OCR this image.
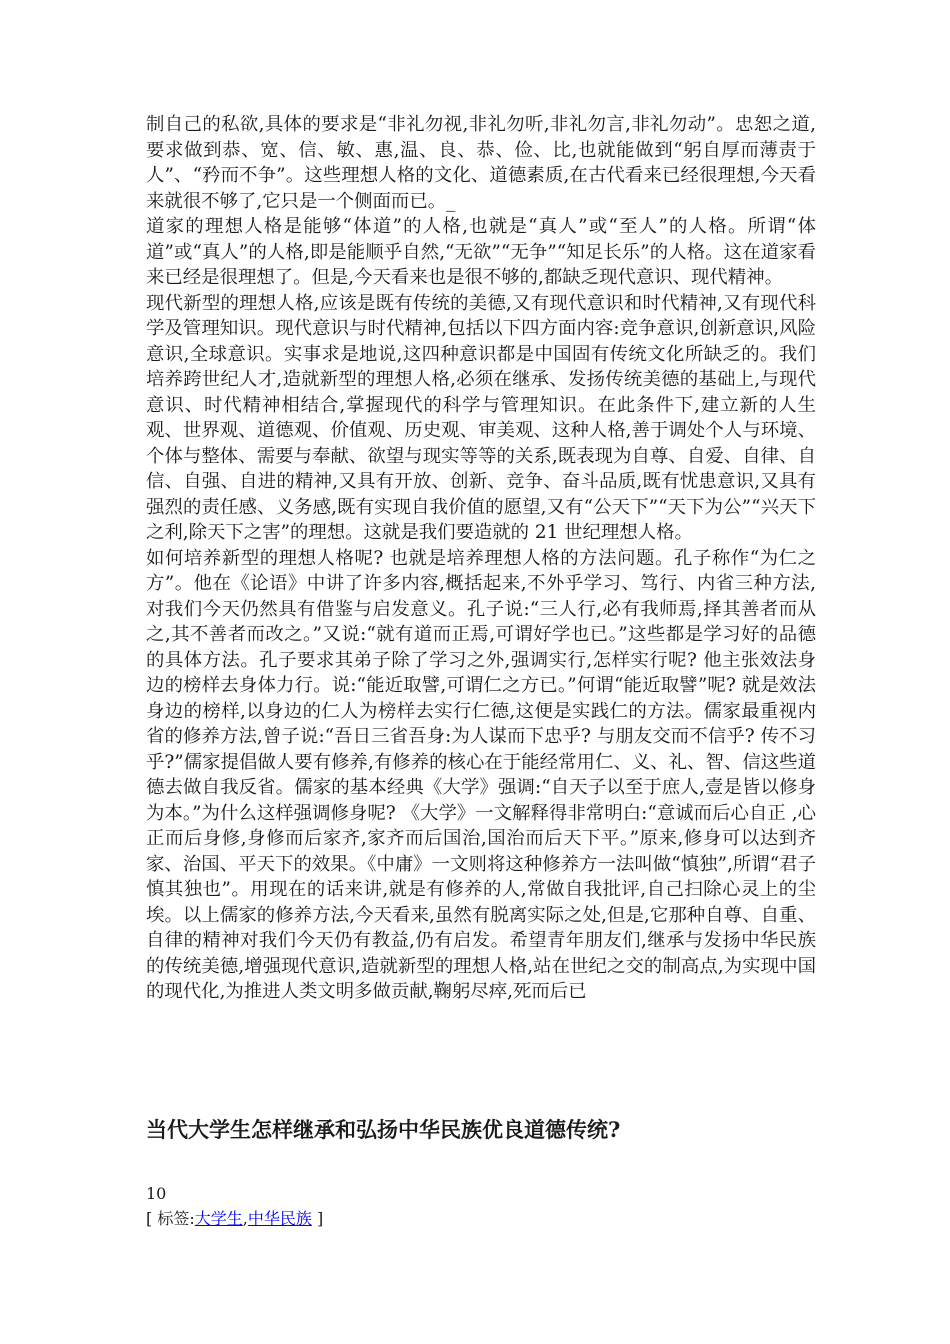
制自己的私欲,具体的要求是“非礼勿视,非礼勿听,非礼勿言,非礼勿动”。忠恕之道,要求做到恭、宽、信、敏、惠,温、良、恭、俭、比,也就能做到“躬自厚而薄责于人”、“矜而不争”。这些理想人格的文化、道德素质,在古代看来已经很理想,今天看来就很不够了,它只是一个侧面而已。_

道家的理想人格是能够“体道”的人格,也就是“真人”或“至人”的人格。所谓“体道”或“真人”的人格,即是能顺乎自然,“无欲”“无争”“知足长乐”的人格。这在道家看来已经是很理想了。但是,今天看来也是很不够的,都缺乏现代意识、现代精神。

现代新型的理想人格,应该是既有传统的美德,又有现代意识和时代精神,又有现代科学及管理知识。现代意识与时代精神,包括以下四方面内容:竞争意识,创新意识,风险意识,全球意识。实事求是地说,这四种意识都是中国固有传统文化所缺乏的。我们培养跨世纪人才,造就新型的理想人格,必须在继承、发扬传统美德的基础上,与现代意识、时代精神相结合,掌握现代的科学与管理知识。在此条件下,建立新的人生观、世界观、道德观、价值观、历史观、审美观、这种人格,善于调处个人与环境、个体与整体、需要与奉献、欲望与现实等等的关系,既表现为自尊、自爱、自律、自信、自强、自进的精神,又具有开放、创新、竞争、奋斗品质,既有忧患意识,又具有强烈的责任感、义务感,既有实现自我价值的愿望,又有“公天下”“天下为公”“兴天下之利,除天下之害”的理想。这就是我们要造就的 21 世纪理想人格。

如何培养新型的理想人格呢? 也就是培养理想人格的方法问题。孔子称作“为仁之方”。他在《论语》中讲了许多内容,概括起来,不外乎学习、笃行、内省三种方法,对我们今天仍然具有借鉴与启发意义。孔子说:“三人行,必有我师焉,择其善者而从之,其不善者而改之。”又说:“就有道而正焉,可谓好学也已。”这些都是学习好的品德的具体方法。孔子要求其弟子除了学习之外,强调实行,怎样实行呢? 他主张效法身边的榜样去身体力行。说:“能近取譬,可谓仁之方已。”何谓“能近取譬”呢? 就是效法身边的榜样,以身边的仁人为榜样去实行仁德,这便是实践仁的方法。儒家最重视内省的修养方法,曾子说:“吾日三省吾身:为人谋而下忠乎? 与朋友交而不信乎? 传不习乎?”儒家提倡做人要有修养,有修养的核心在于能经常用仁、义、礼、智、信这些道德去做自我反省。儒家的基本经典《大学》强调:“自天子以至于庶人,壹是皆以修身为本。”为什么这样强调修身呢? 《大学》一文解释得非常明白:“意诚而后心自正 ,心正而后身修,身修而后家齐,家齐而后国治,国治而后天下平。”原来,修身可以达到齐家、治国、平天下的效果。《中庸》一文则将这种修养方一法叫做“慎独”,所谓“君子慎其独也”。用现在的话来讲,就是有修养的人,常做自我批评,自己扫除心灵上的尘埃。以上儒家的修养方法,今天看来,虽然有脱离实际之处,但是,它那种自尊、自重、自律的精神对我们今天仍有教益,仍有启发。希望青年朋友们,继承与发扬中华民族的传统美德,增强现代意识,造就新型的理想人格,站在世纪之交的制高点,为实现中国的现代化,为推进人类文明多做贡献,鞠躬尽瘁,死而后已

当代大学生怎样继承和弘扬中华民族优良道德传统?
10
[ 标签:大学生,中华民族 ]
